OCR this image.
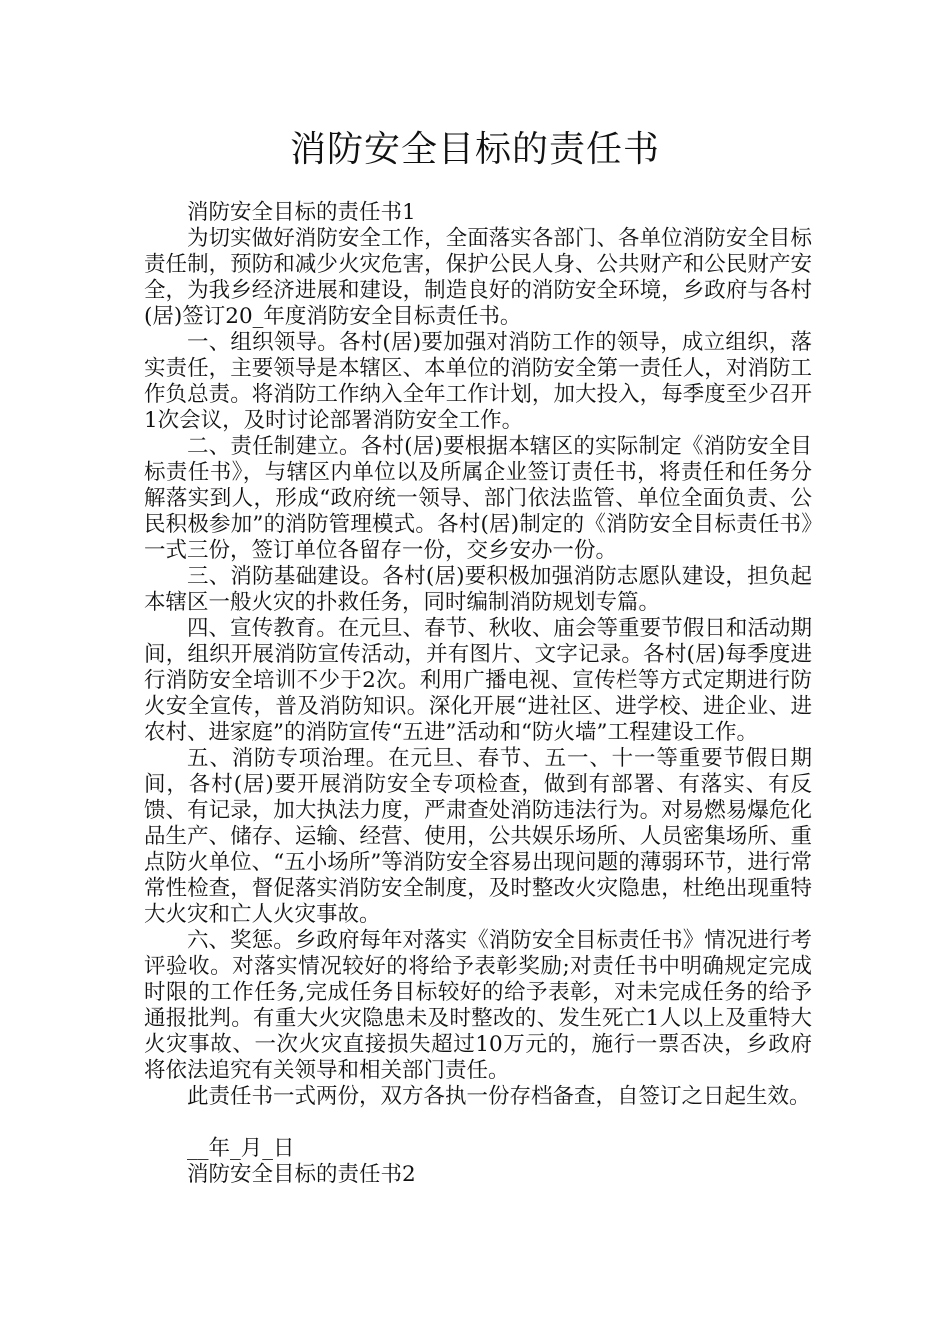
消防安全目标的责任书

消防安全目标的责任书1

为切实做好消防安全工作，全面落实各部门、各单位消防安全目标责任制，预防和减少火灾危害，保护公民人身、公共财产和公民财产安全，为我乡经济进展和建设，制造良好的消防安全环境，乡政府与各村(居)签订20_年度消防安全目标责任书。

一、组织领导。各村(居)要加强对消防工作的领导，成立组织，落实责任，主要领导是本辖区、本单位的消防安全第一责任人，对消防工作负总责。将消防工作纳入全年工作计划，加大投入，每季度至少召开1次会议，及时讨论部署消防安全工作。

二、责任制建立。各村(居)要根据本辖区的实际制定《消防安全目标责任书》，与辖区内单位以及所属企业签订责任书，将责任和任务分解落实到人，形成“政府统一领导、部门依法监管、单位全面负责、公民积极参加”的消防管理模式。各村(居)制定的《消防安全目标责任书》一式三份，签订单位各留存一份，交乡安办一份。

三、消防基础建设。各村(居)要积极加强消防志愿队建设，担负起本辖区一般火灾的扑救任务，同时编制消防规划专篇。

四、宣传教育。在元旦、春节、秋收、庙会等重要节假日和活动期间，组织开展消防宣传活动，并有图片、文字记录。各村(居)每季度进行消防安全培训不少于2次。利用广播电视、宣传栏等方式定期进行防火安全宣传，普及消防知识。深化开展“进社区、进学校、进企业、进农村、进家庭”的消防宣传“五进”活动和“防火墙”工程建设工作。

五、消防专项治理。在元旦、春节、五一、十一等重要节假日期间，各村(居)要开展消防安全专项检查，做到有部署、有落实、有反馈、有记录，加大执法力度，严肃查处消防违法行为。对易燃易爆危化品生产、储存、运输、经营、使用，公共娱乐场所、人员密集场所、重点防火单位、“五小场所”等消防安全容易出现问题的薄弱环节，进行常常性检查，督促落实消防安全制度，及时整改火灾隐患，杜绝出现重特大火灾和亡人火灾事故。

六、奖惩。乡政府每年对落实《消防安全目标责任书》情况进行考评验收。对落实情况较好的将给予表彰奖励;对责任书中明确规定完成时限的工作任务,完成任务目标较好的给予表彰，对未完成任务的给予通报批判。有重大火灾隐患未及时整改的、发生死亡1人以上及重特大火灾事故、一次火灾直接损失超过10万元的，施行一票否决，乡政府将依法追究有关领导和相关部门责任。

此责任书一式两份，双方各执一份存档备查，自签订之日起生效。

__年_月_日

消防安全目标的责任书2
